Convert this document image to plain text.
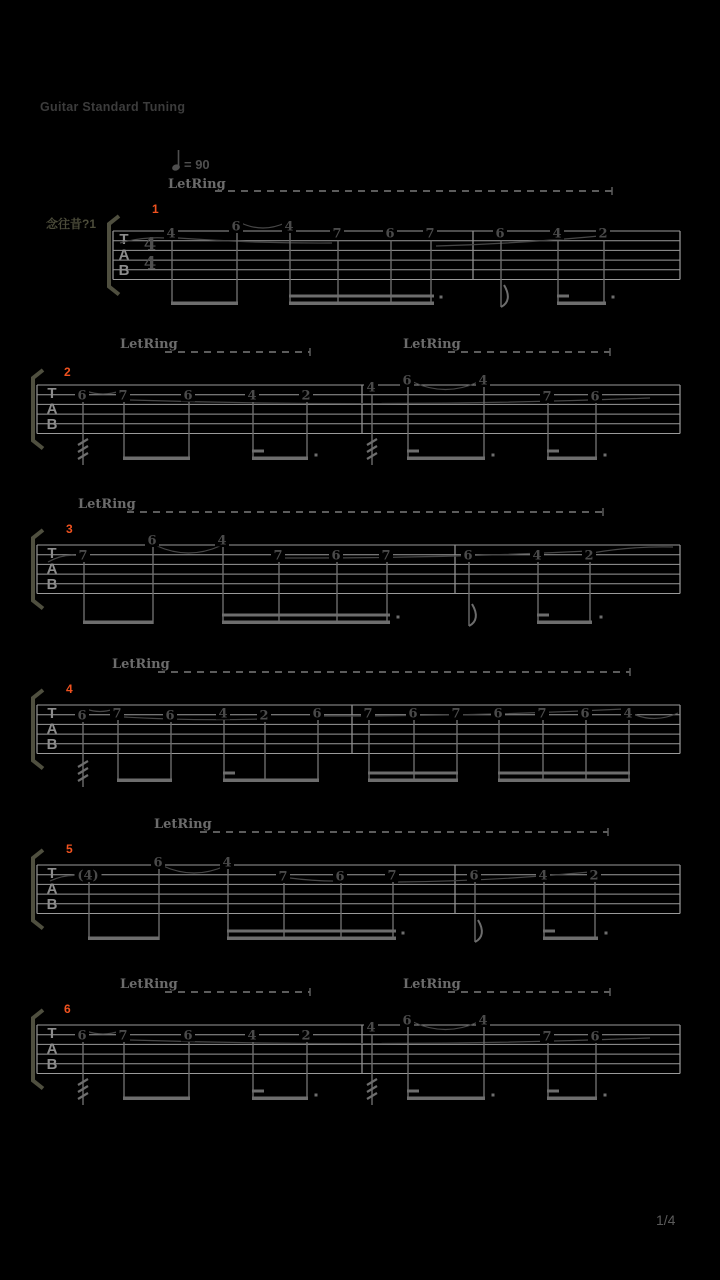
Guitar Standard Tuning
= 90
T
A
B
4
4
念往昔?1
1
LetRing
4	6	4	7	6 7	6	4	2
T
A
B
2
LetRing	LetRing
6 7	6	4	2
4 6	4
7	6
T
A
B
3
LetRing
7
6	4
7	6	7	6	4	2
T
A
B
4
LetRing
6 7	6	4 2	6	7	6	7	6	7	6	4
T
A
B
5
LetRing
(4)
6	4
7	6	7	6	4	2
T
A
B
6
LetRing	LetRing
6 7	6	4	2
4 6	4
7	6
1/4
